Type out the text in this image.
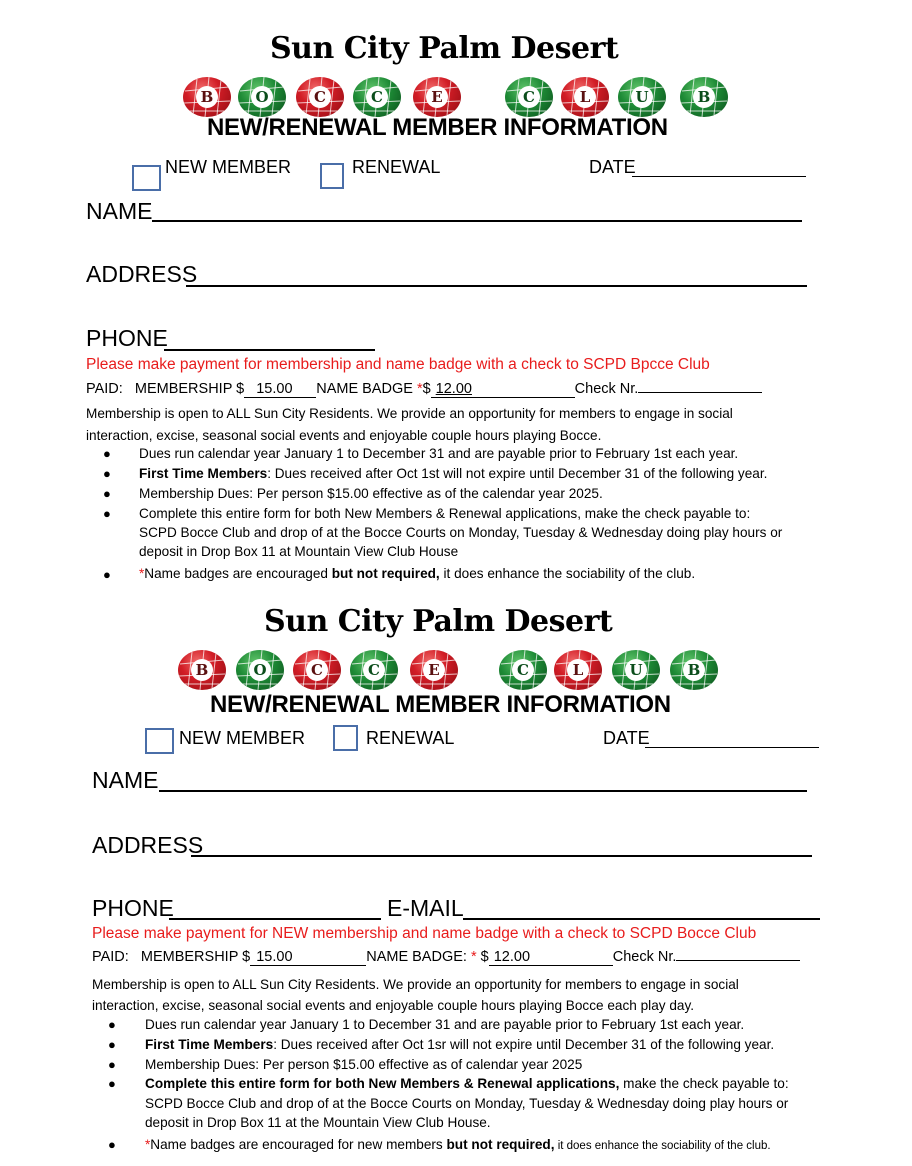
Sun City Palm Desert
B	O	C	C	E	C	L	U	B
NEW/RENEWAL MEMBER INFORMATION
NEW MEMBER	RENEWAL	DATE
NAME
ADDRESS
PHONE
Please make payment for membership and name badge with a check to SCPD Bpcce Club
PAID: MEMBERSHIP $ 15.00 NAME BADGE *$ 12.00	Check Nr.
Membership is open to ALL Sun City Residents. We provide an opportunity for members to engage in social
interaction, excise, seasonal social events and enjoyable couple hours playing Bocce.
● Dues run calendar year January 1 to December 31 and are payable prior to February 1st each year.
● First Time Members: Dues received after Oct 1st will not expire until December 31 of the following year.
● Membership Dues: Per person $15.00 effective as of the calendar year 2025.
● Complete this entire form for both New Members & Renewal applications, make the check payable to:
SCPD Bocce Club and drop of at the Bocce Courts on Monday, Tuesday & Wednesday doing play hours or
deposit in Drop Box 11 at Mountain View Club House
● *Name badges are encouraged but not required, it does enhance the sociability of the club.
Sun City Palm Desert
B	O	C	C	E	C	L	U	B
NEW/RENEWAL MEMBER INFORMATION
NEW MEMBER	RENEWAL	DATE
NAME
ADDRESS
PHONE	E-MAIL
Please make payment for NEW membership and name badge with a check to SCPD Bocce Club
PAID: MEMBERSHIP $ 15.00	NAME BADGE: * $ 12.00	Check Nr.
Membership is open to ALL Sun City Residents. We provide an opportunity for members to engage in social
interaction, excise, seasonal social events and enjoyable couple hours playing Bocce each play day.
● Dues run calendar year January 1 to December 31 and are payable prior to February 1st each year.
● First Time Members: Dues received after Oct 1sr will not expire until December 31 of the following year.
● Membership Dues: Per person $15.00 effective as of calendar year 2025
● Complete this entire form for both New Members & Renewal applications, make the check payable to:
SCPD Bocce Club and drop of at the Bocce Courts on Monday, Tuesday & Wednesday doing play hours or
deposit in Drop Box 11 at the Mountain View Club House.
● *Name badges are encouraged for new members but not required, it does enhance the sociability of the club.
